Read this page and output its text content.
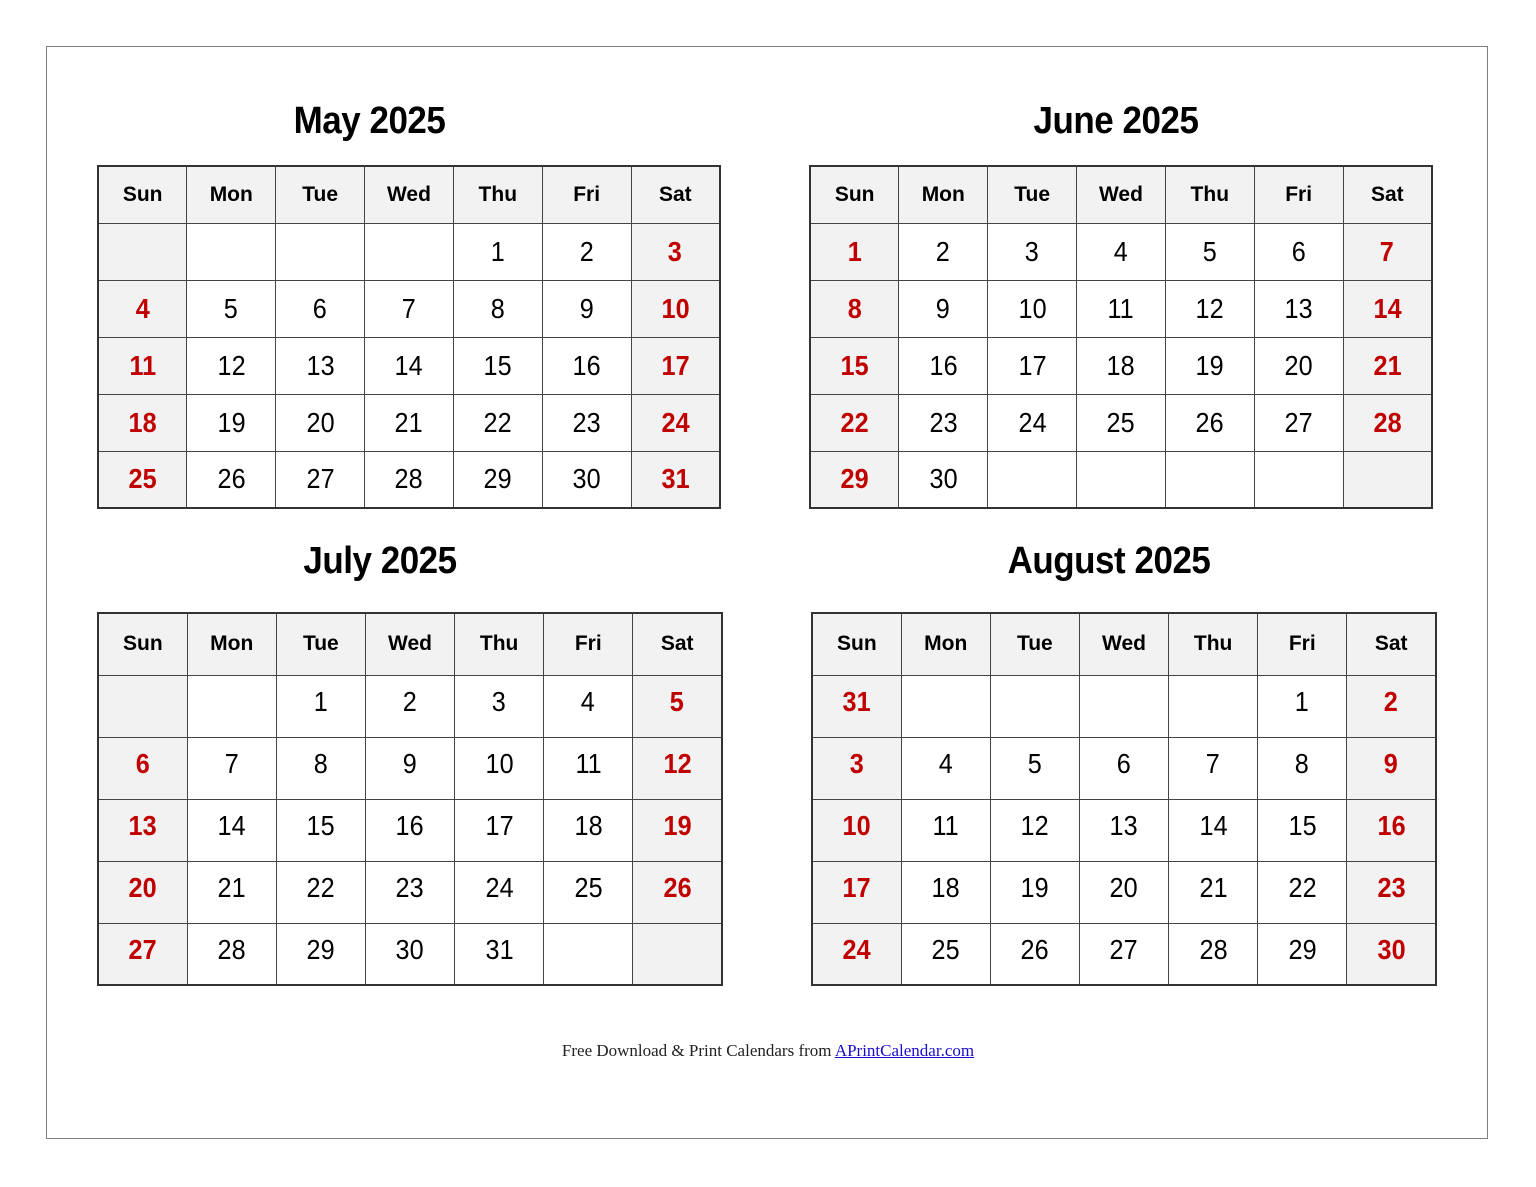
May 2025
Sun	Mon	Tue	Wed	Thu	Fri	Sat
				1	2	3
4	5	6	7	8	9	10
11	12	13	14	15	16	17
18	19	20	21	22	23	24
25	26	27	28	29	30	31
June 2025
Sun	Mon	Tue	Wed	Thu	Fri	Sat
1	2	3	4	5	6	7
8	9	10	11	12	13	14
15	16	17	18	19	20	21
22	23	24	25	26	27	28
29	30					
July 2025
Sun	Mon	Tue	Wed	Thu	Fri	Sat
		1	2	3	4	5
6	7	8	9	10	11	12
13	14	15	16	17	18	19
20	21	22	23	24	25	26
27	28	29	30	31		
August 2025
Sun	Mon	Tue	Wed	Thu	Fri	Sat
31					1	2
3	4	5	6	7	8	9
10	11	12	13	14	15	16
17	18	19	20	21	22	23
24	25	26	27	28	29	30
Free Download & Print Calendars from APrintCalendar.com
